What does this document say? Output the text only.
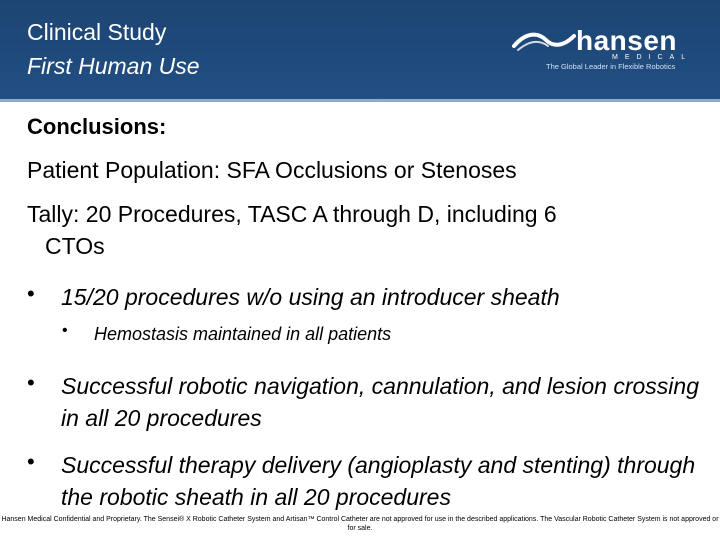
Clinical Study
First Human Use
hansen
MEDICAL
The Global Leader in Flexible Robotics
Conclusions:
Patient Population: SFA Occlusions or Stenoses
Tally: 20 Procedures, TASC A through D, including 6
CTOs
•	15/20 procedures w/o using an introducer sheath
•	Hemostasis maintained in all patients
•	Successful robotic navigation, cannulation, and lesion crossing in all 20 procedures
•	Successful therapy delivery (angioplasty and stenting) through the robotic sheath in all 20 procedures
Hansen Medical Confidential and Proprietary. The Sensei® X Robotic Catheter System and Artisan™ Control Catheter are not approved for use in the described applications. The Vascular Robotic Catheter System is not approved or for sale.
